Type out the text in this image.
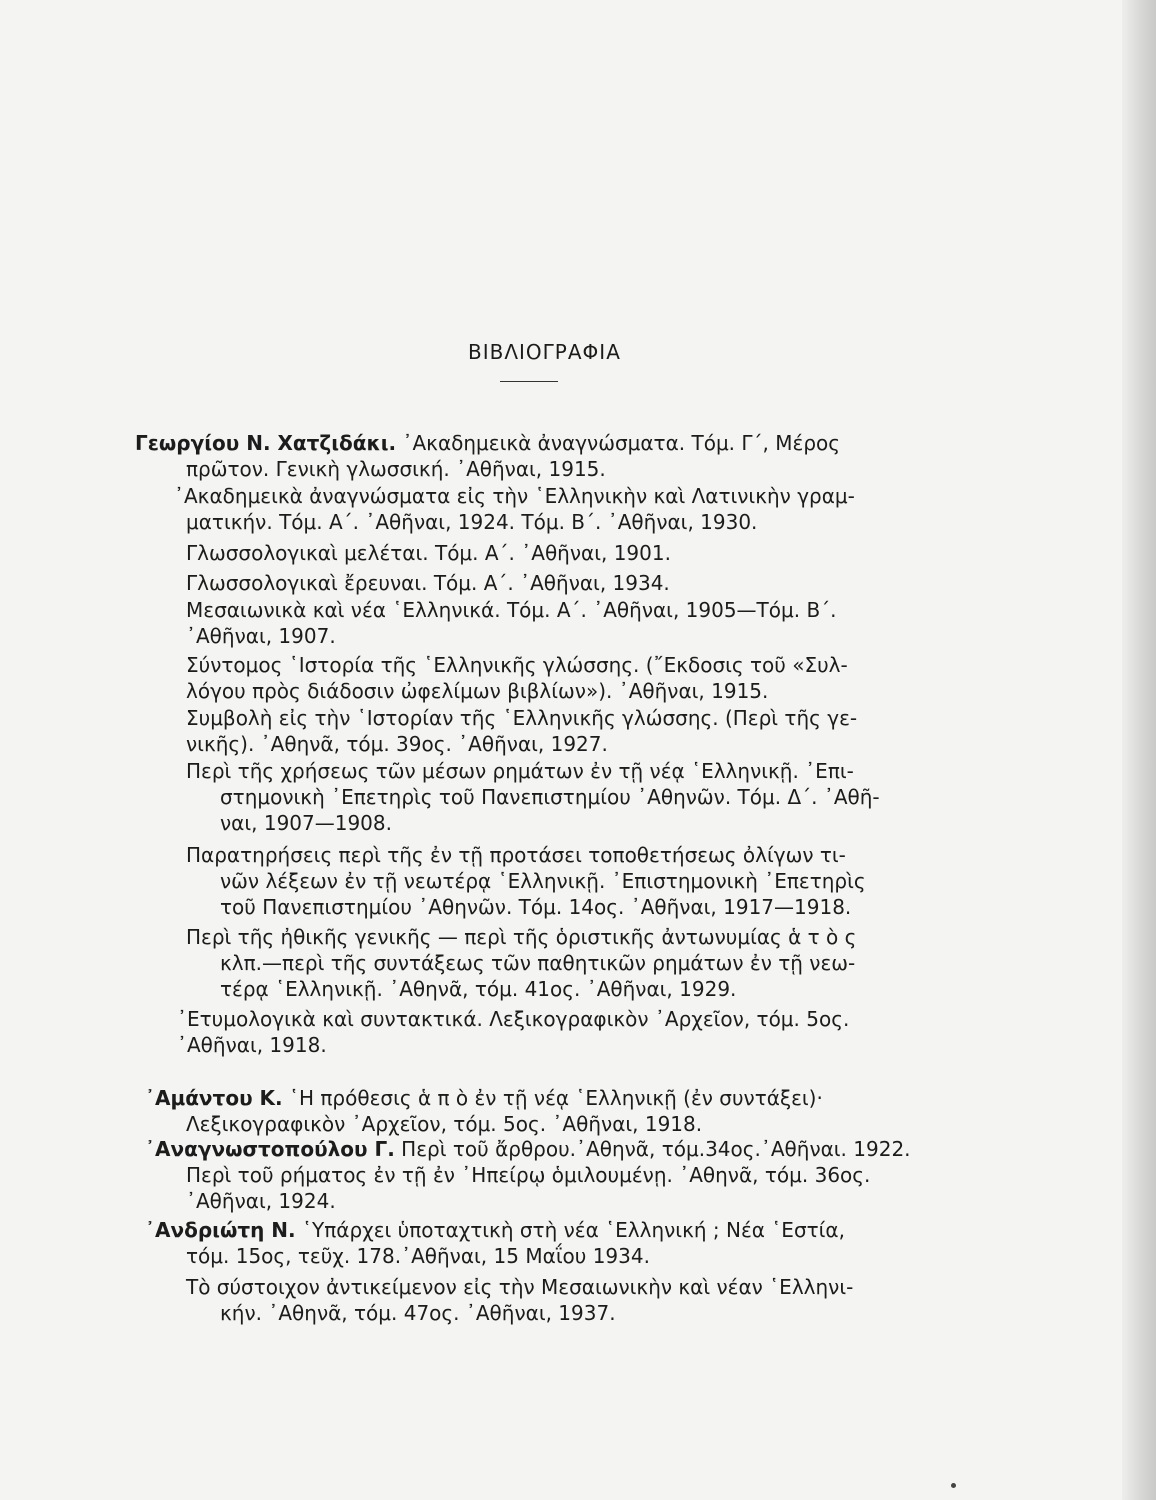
ΒΙΒΛΙΟΓΡΑΦΙΑ
Γεωργίου Ν. Χατζιδάκι. ᾿Ακαδημεικὰ ἀναγνώσματα. Τόμ. Γ΄, Μέρος
πρῶτον. Γενικὴ γλωσσική. ᾿Αθῆναι, 1915.
᾿Ακαδημεικὰ ἀναγνώσματα εἰς τὴν ῾Ελληνικὴν καὶ Λατινικὴν γραμ-
ματικήν. Τόμ. Α΄. ᾿Αθῆναι, 1924. Τόμ. Β΄. ᾿Αθῆναι, 1930.
Γλωσσολογικαὶ μελέται. Τόμ. Α΄. ᾿Αθῆναι, 1901.
Γλωσσολογικαὶ ἔρευναι. Τόμ. Α΄. ᾿Αθῆναι, 1934.
Μεσαιωνικὰ καὶ νέα ῾Ελληνικά. Τόμ. Α΄. ᾿Αθῆναι, 1905—Τόμ. Β΄.
᾿Αθῆναι, 1907.
Σύντομος ῾Ιστορία τῆς ῾Ελληνικῆς γλώσσης. (῎Εκδοσις τοῦ «Συλ-
λόγου πρὸς διάδοσιν ὠφελίμων βιβλίων»). ᾿Αθῆναι, 1915.
Συμβολὴ εἰς τὴν ῾Ιστορίαν τῆς ῾Ελληνικῆς γλώσσης. (Περὶ τῆς γε-
νικῆς). ᾿Αθηνᾶ, τόμ. 39ος. ᾿Αθῆναι, 1927.
Περὶ τῆς χρήσεως τῶν μέσων ρημάτων ἐν τῇ νέᾳ ῾Ελληνικῇ. ᾿Επι-
στημονικὴ ᾿Επετηρὶς τοῦ Πανεπιστημίου ᾿Αθηνῶν. Τόμ. Δ΄. ᾿Αθῆ-
ναι, 1907—1908.
Παρατηρήσεις περὶ τῆς ἐν τῇ προτάσει τοποθετήσεως ὀλίγων τι-
νῶν λέξεων ἐν τῇ νεωτέρᾳ ῾Ελληνικῇ. ᾿Επιστημονικὴ ᾿Επετηρὶς
τοῦ Πανεπιστημίου ᾿Αθηνῶν. Τόμ. 14ος. ᾿Αθῆναι, 1917—1918.
Περὶ τῆς ἠθικῆς γενικῆς — περὶ τῆς ὁριστικῆς ἀντωνυμίας ἁ τ ὸ ς
κλπ.—περὶ τῆς συντάξεως τῶν παθητικῶν ρημάτων ἐν τῇ νεω-
τέρᾳ ῾Ελληνικῇ. ᾿Αθηνᾶ, τόμ. 41ος. ᾿Αθῆναι, 1929.
᾿Ετυμολογικὰ καὶ συντακτικά. Λεξικογραφικὸν ᾿Αρχεῖον, τόμ. 5ος.
᾿Αθῆναι, 1918.
᾿Αμάντου Κ. ῾Η πρόθεσις ἁ π ὸ ἐν τῇ νέᾳ ῾Ελληνικῇ (ἐν συντάξει)·
Λεξικογραφικὸν ᾿Αρχεῖον, τόμ. 5ος. ᾿Αθῆναι, 1918.
᾿Αναγνωστοπούλου Γ. Περὶ τοῦ ἄρθρου.᾿Αθηνᾶ, τόμ.34ος.᾿Αθῆναι. 1922.
Περὶ τοῦ ρήματος ἐν τῇ ἐν ᾿Ηπείρῳ ὁμιλουμένῃ. ᾿Αθηνᾶ, τόμ. 36ος.
᾿Αθῆναι, 1924.
᾿Ανδριώτη Ν. ῾Υπάρχει ὑποταχτικὴ στὴ νέα ῾Ελληνική ; Νέα ῾Εστία,
τόμ. 15ος, τεῦχ. 178.᾿Αθῆναι, 15 Μαΐου 1934.
Τὸ σύστοιχον ἀντικείμενον εἰς τὴν Μεσαιωνικὴν καὶ νέαν ῾Ελληνι-
κήν. ᾿Αθηνᾶ, τόμ. 47ος. ᾿Αθῆναι, 1937.
